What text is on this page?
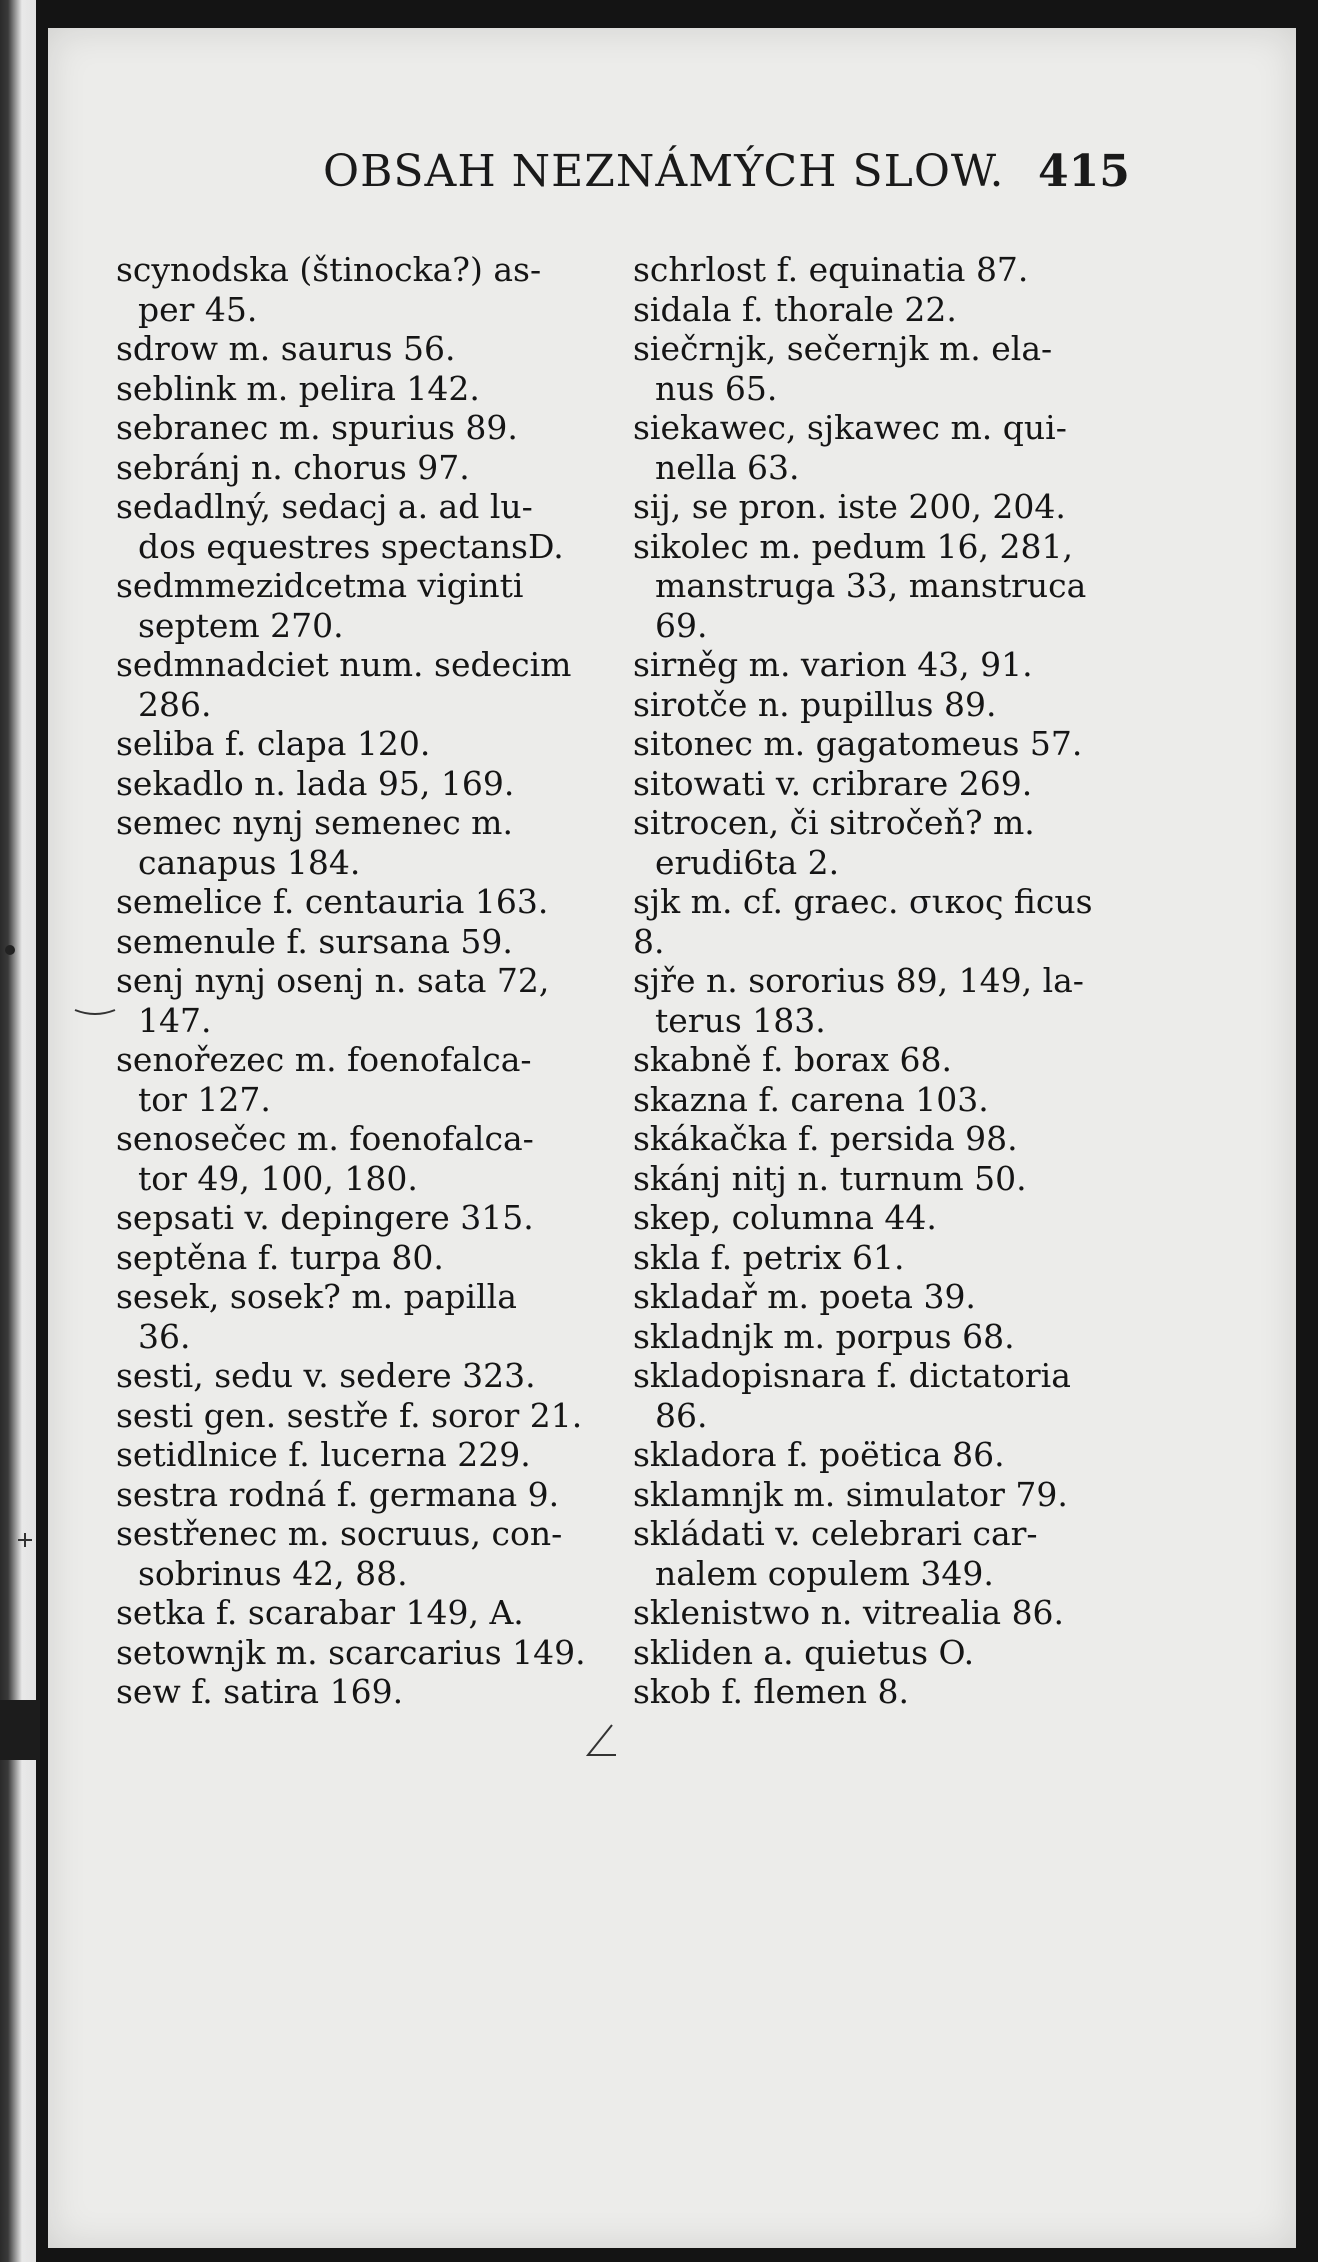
OBSAH NEZNÁMÝCH SLOW. 415
scynodska (štinocka?) as-
per 45.
sdrow m. saurus 56.
seblink m. pelira 142.
sebranec m. spurius 89.
sebránj n. chorus 97.
sedadlný, sedacj a. ad lu-
dos equestres spectansD.
sedmmezidcetma viginti
septem 270.
sedmnadciet num. sedecim
286.
seliba f. clapa 120.
sekadlo n. lada 95, 169.
semec nynj semenec m.
canapus 184.
semelice f. centauria 163.
semenule f. sursana 59.
senj nynj osenj n. sata 72,
147.
senořezec m. foenofalca-
tor 127.
senosečec m. foenofalca-
tor 49, 100, 180.
sepsati v. depingere 315.
septěna f. turpa 80.
sesek, sosek? m. papilla
36.
sesti, sedu v. sedere 323.
sesti gen. sestře f. soror 21.
setidlnice f. lucerna 229.
sestra rodná f. germana 9.
sestřenec m. socruus, con-
sobrinus 42, 88.
setka f. scarabar 149, A.
setownjk m. scarcarius 149.
sew f. satira 169.
schrlost f. equinatia 87.
sidala f. thorale 22.
siečrnjk, sečernjk m. ela-
nus 65.
siekawec, sjkawec m. qui-
nella 63.
sij, se pron. iste 200, 204.
sikolec m. pedum 16, 281,
manstruga 33, manstruca
69.
sirněg m. varion 43, 91.
sirotče n. pupillus 89.
sitonec m. gagatomeus 57.
sitowati v. cribrare 269.
sitrocen, či sitročeň? m.
erudi6ta 2.
sjk m. cf. graec. σικος ficus
8.
sjře n. sororius 89, 149, la-
terus 183.
skabně f. borax 68.
skazna f. carena 103.
skákačka f. persida 98.
skánj nitj n. turnum 50.
skep, columna 44.
skla f. petrix 61.
skladař m. poeta 39.
skladnjk m. porpus 68.
skladopisnara f. dictatoria
86.
skladora f. poëtica 86.
sklamnjk m. simulator 79.
skládati v. celebrari car-
nalem copulem 349.
sklenistwo n. vitrealia 86.
skliden a. quietus O.
skob f. flemen 8.
